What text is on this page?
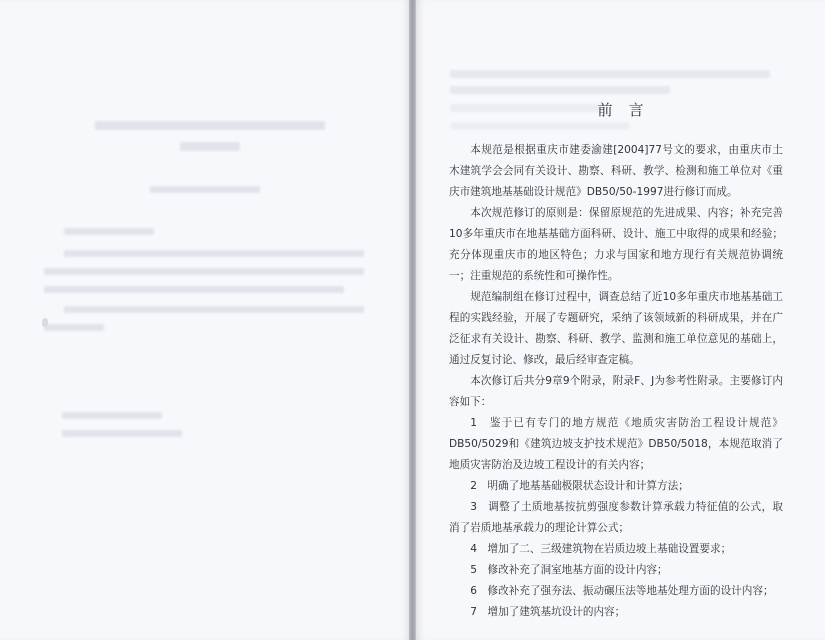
前言

本规范是根据重庆市建委渝建[2004]77号文的要求，由重庆市土木建筑学会会同有关设计、勘察、科研、教学、检测和施工单位对《重庆市建筑地基基础设计规范》DB50/50-1997进行修订而成。

本次规范修订的原则是：保留原规范的先进成果、内容；补充完善10多年重庆市在地基基础方面科研、设计、施工中取得的成果和经验；充分体现重庆市的地区特色；力求与国家和地方现行有关规范协调统一；注重规范的系统性和可操作性。

规范编制组在修订过程中，调查总结了近10多年重庆市地基基础工程的实践经验，开展了专题研究，采纳了该领域新的科研成果，并在广泛征求有关设计、勘察、科研、教学、监测和施工单位意见的基础上，通过反复讨论、修改，最后经审查定稿。

本次修订后共分9章9个附录，附录F、J为参考性附录。主要修订内容如下：

1　鉴于已有专门的地方规范《地质灾害防治工程设计规范》DB50/5029和《建筑边坡支护技术规范》DB50/5018，本规范取消了地质灾害防治及边坡工程设计的有关内容；

2　明确了地基基础极限状态设计和计算方法；

3　调整了土质地基按抗剪强度参数计算承载力特征值的公式，取消了岩质地基承载力的理论计算公式；

4　增加了二、三级建筑物在岩质边坡上基础设置要求；

5　修改补充了洞室地基方面的设计内容；

6　修改补充了强夯法、振动碾压法等地基处理方面的设计内容；

7　增加了建筑基坑设计的内容；
